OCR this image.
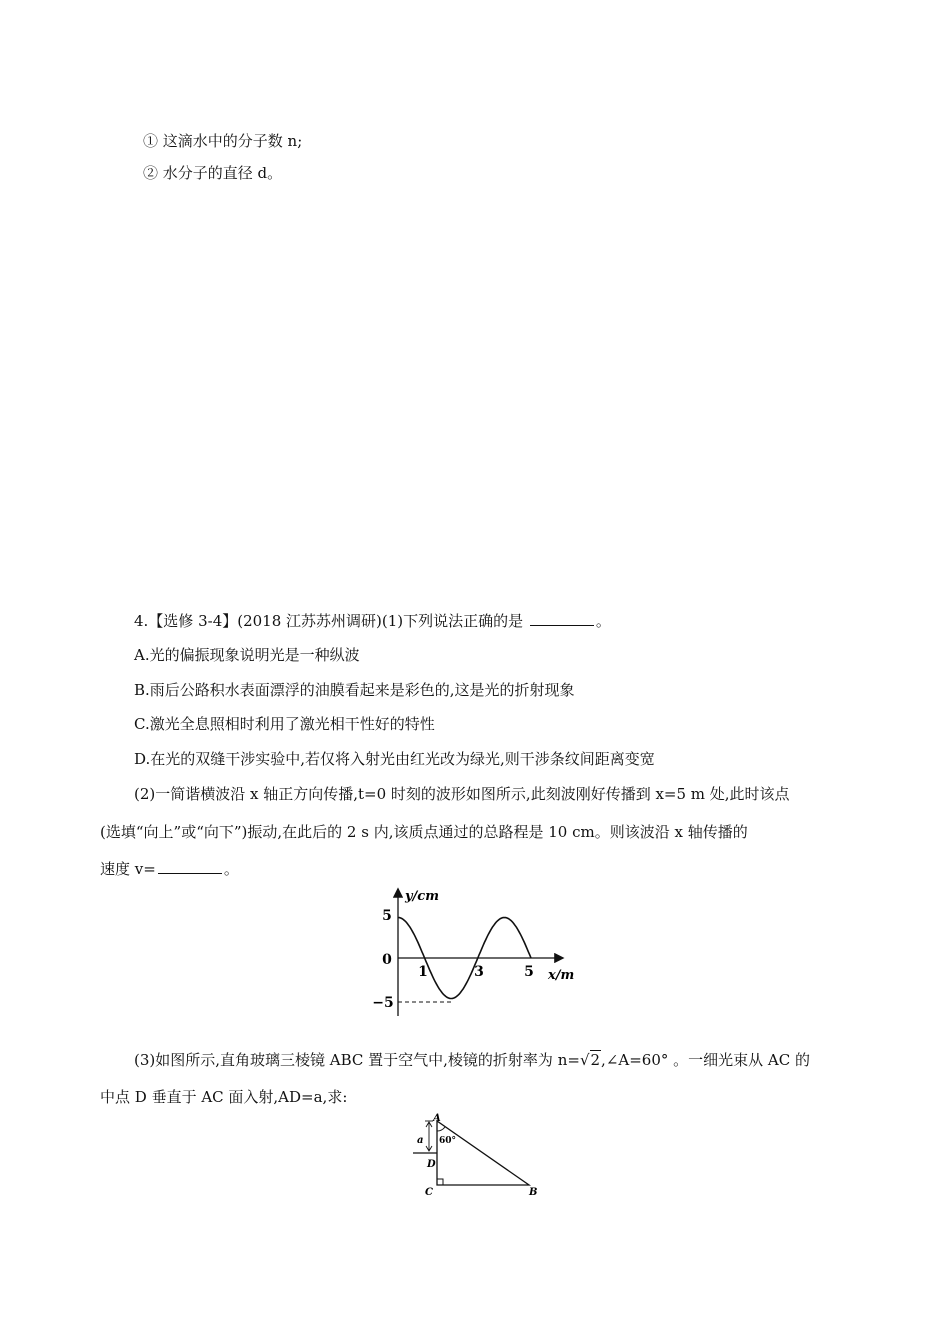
① 这滴水中的分子数 n;
② 水分子的直径 d。
4.【选修 3-4】(2018 江苏苏州调研)(1)下列说法正确的是	。
A.光的偏振现象说明光是一种纵波
B.雨后公路积水表面漂浮的油膜看起来是彩色的,这是光的折射现象
C.激光全息照相时利用了激光相干性好的特性
D.在光的双缝干涉实验中,若仅将入射光由红光改为绿光,则干涉条纹间距离变宽
(2)一简谐横波沿 x 轴正方向传播,t=0 时刻的波形如图所示,此刻波刚好传播到 x=5 m 处,此时该点
(选填“向上”或“向下”)振动,在此后的 2 s 内,该质点通过的总路程是 10 cm。则该波沿 x 轴传播的
速度 v=	。
5
0
−5
1	3	5
y/cm
x/m
(3)如图所示,直角玻璃三棱镜 ABC 置于空气中,棱镜的折射率为 n=√2,∠A=60° 。一细光束从 AC 的
中点 D 垂直于 AC 面入射,AD=a,求:
A
B
C
D
a 60°
